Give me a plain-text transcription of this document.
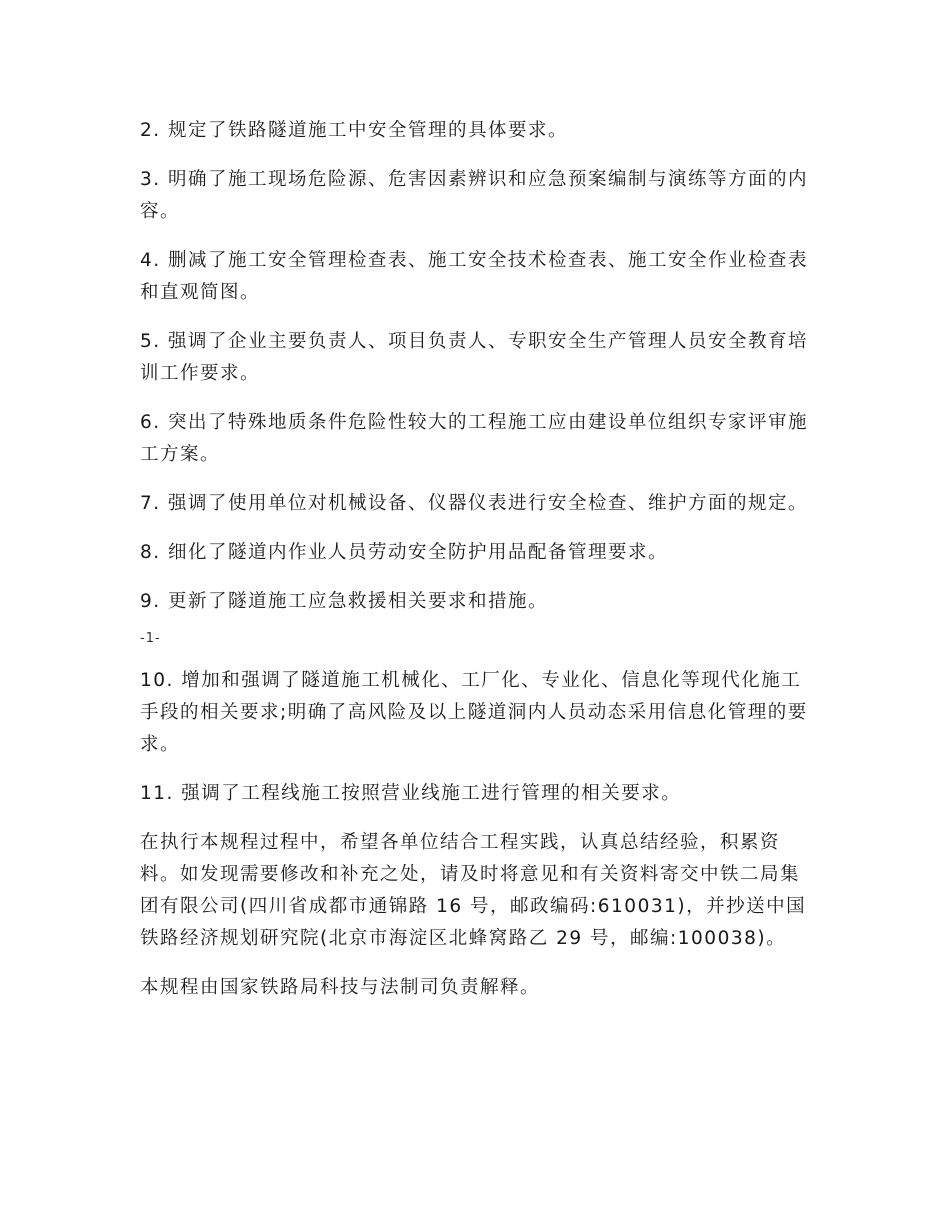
2. 规定了铁路隧道施工中安全管理的具体要求。

3. 明确了施工现场危险源、危害因素辨识和应急预案编制与演练等方面的内容。

4. 删减了施工安全管理检查表、施工安全技术检查表、施工安全作业检查表和直观简图。

5. 强调了企业主要负责人、项目负责人、专职安全生产管理人员安全教育培训工作要求。

6. 突出了特殊地质条件危险性较大的工程施工应由建设单位组织专家评审施工方案。

7. 强调了使用单位对机械设备、仪器仪表进行安全检查、维护方面的规定。

8. 细化了隧道内作业人员劳动安全防护用品配备管理要求。

9. 更新了隧道施工应急救援相关要求和措施。

-1-

10. 增加和强调了隧道施工机械化、工厂化、专业化、信息化等现代化施工手段的相关要求;明确了高风险及以上隧道洞内人员动态采用信息化管理的要求。

11. 强调了工程线施工按照营业线施工进行管理的相关要求。

在执行本规程过程中，希望各单位结合工程实践，认真总结经验，积累资料。如发现需要修改和补充之处，请及时将意见和有关资料寄交中铁二局集团有限公司(四川省成都市通锦路 16 号，邮政编码:610031)，并抄送中国铁路经济规划研究院(北京市海淀区北蜂窝路乙 29 号，邮编:100038)。

本规程由国家铁路局科技与法制司负责解释。
